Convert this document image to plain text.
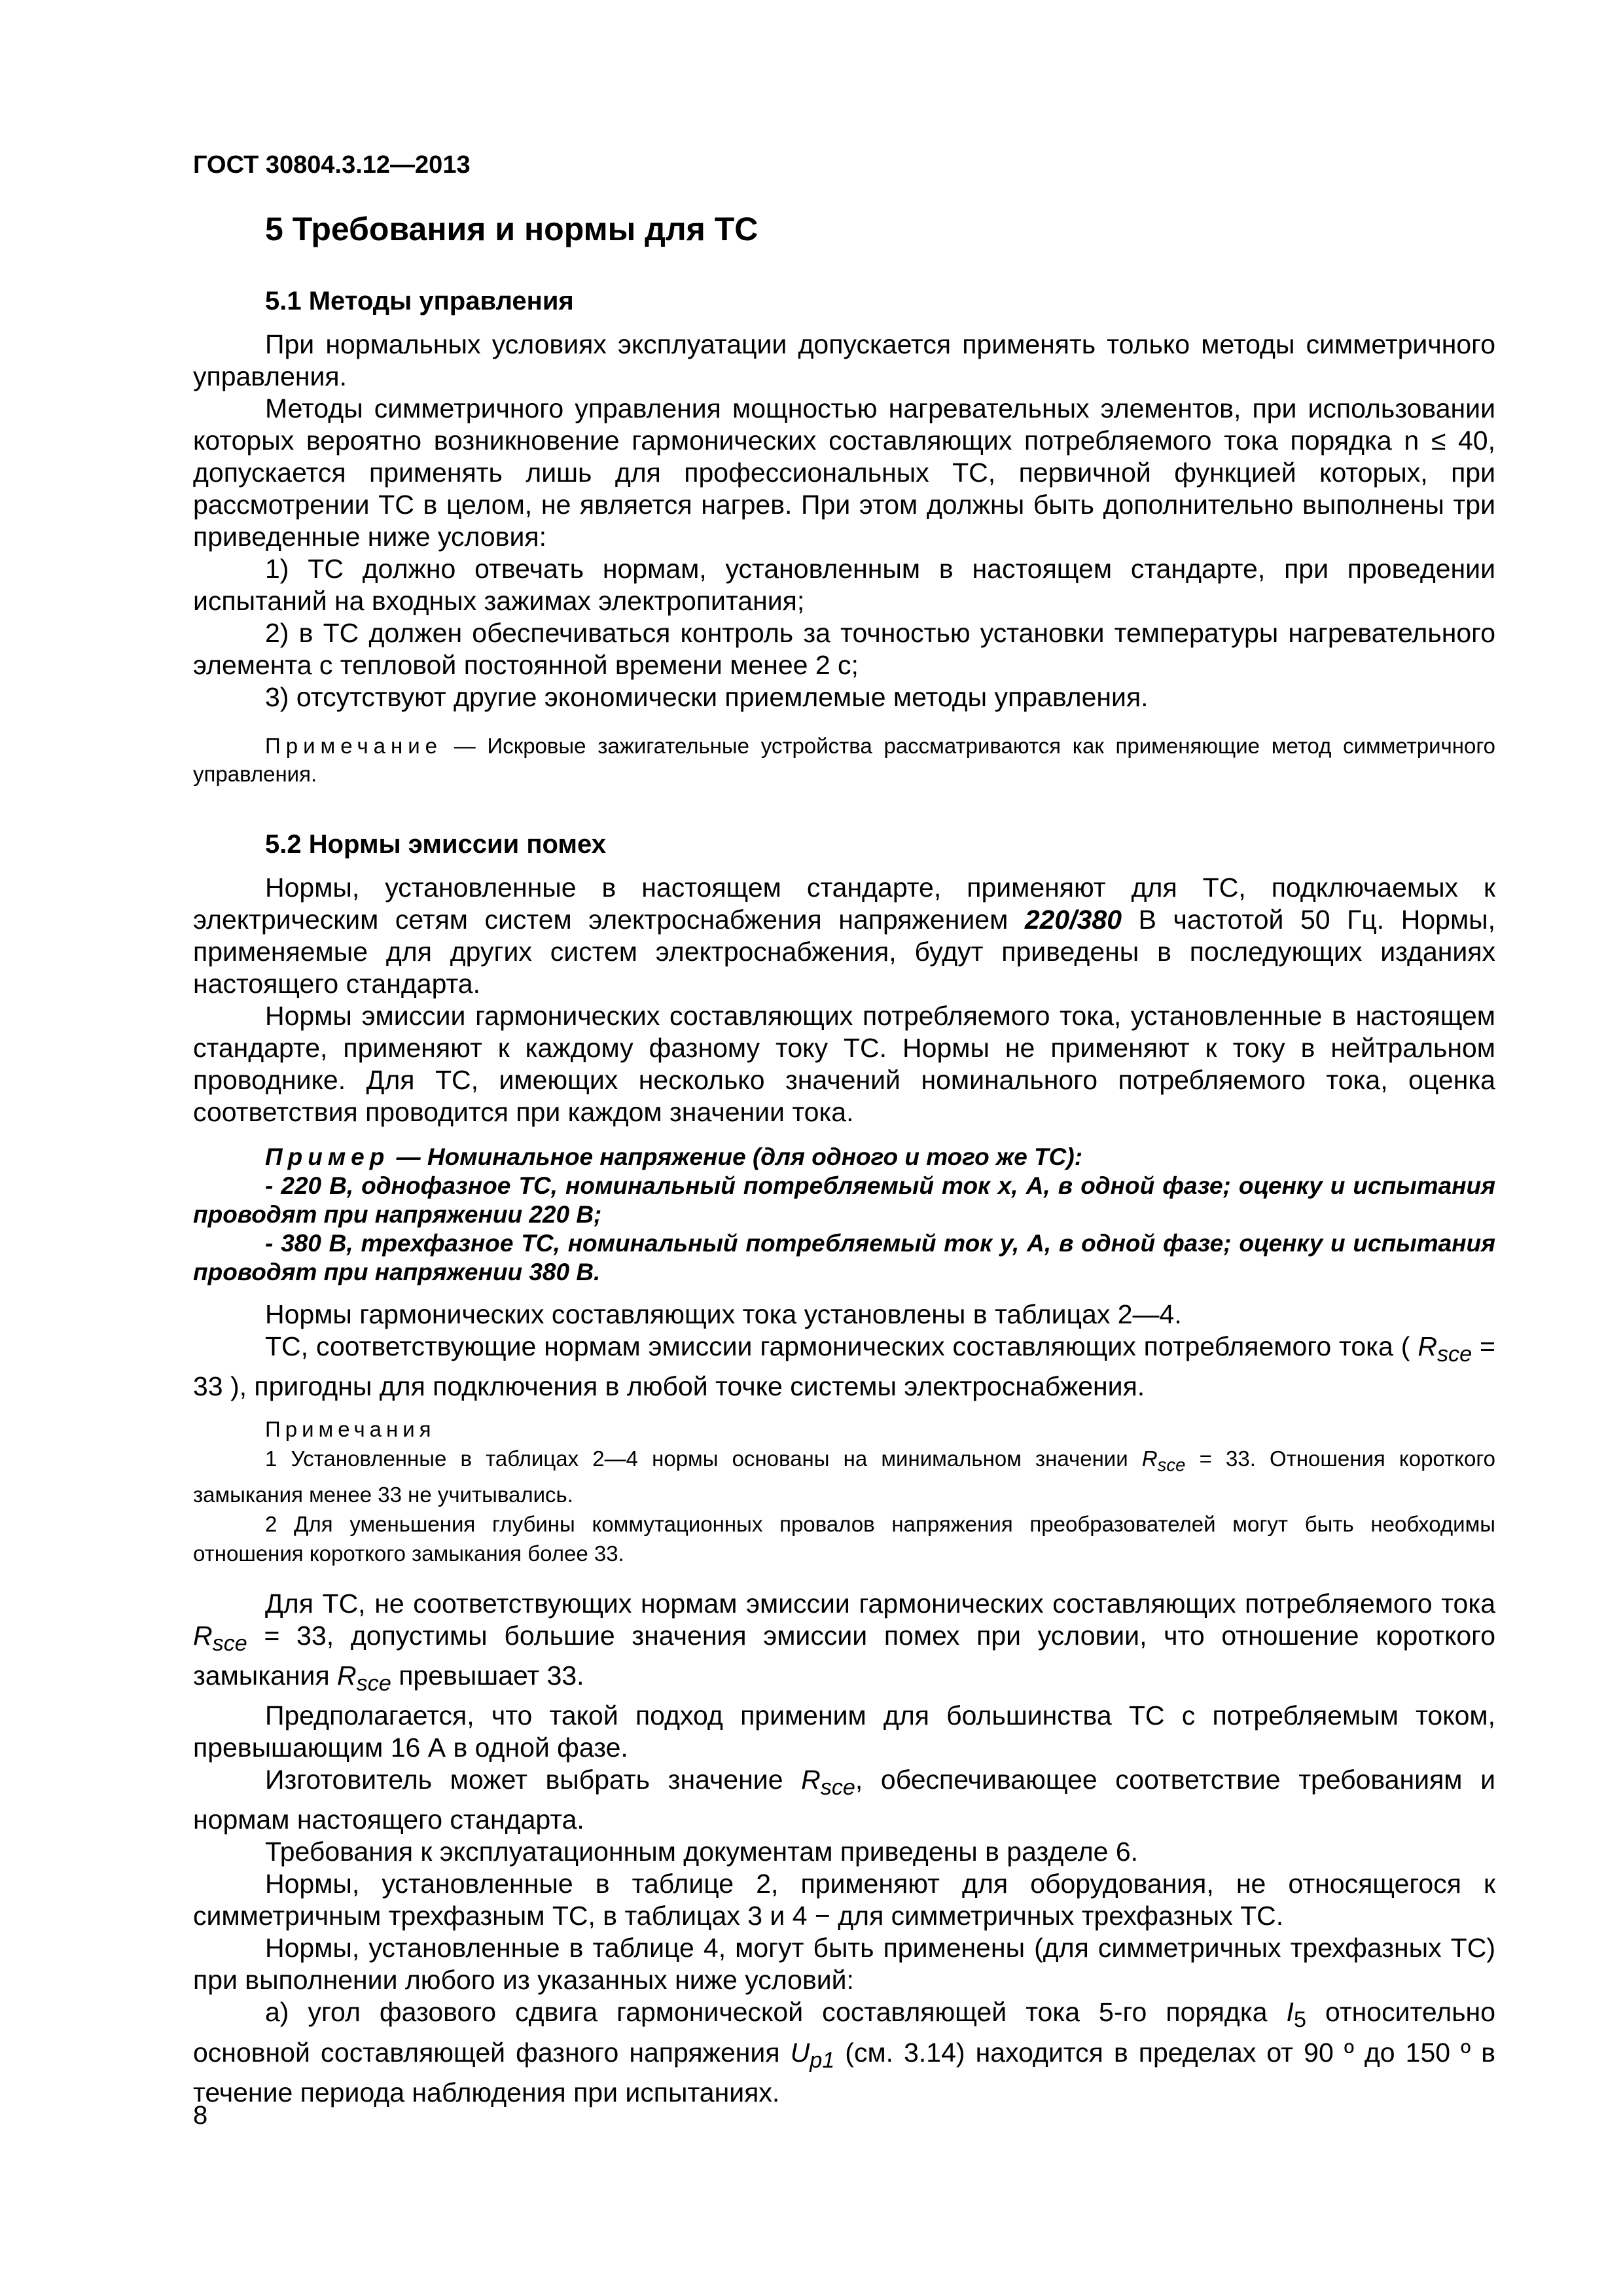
ГОСТ 30804.3.12—2013
5 Требования и нормы для ТС
5.1 Методы управления

При нормальных условиях эксплуатации допускается применять только методы симметричного управления.

Методы симметричного управления мощностью нагревательных элементов, при использовании которых вероятно возникновение гармонических составляющих потребляемого тока порядка n ≤ 40, допускается применять лишь для профессиональных ТС, первичной функцией которых, при рассмотрении ТС в целом, не является нагрев. При этом должны быть дополнительно выполнены три приведенные ниже условия:

1) ТС должно отвечать нормам, установленным в настоящем стандарте, при проведении испытаний на входных зажимах электропитания;

2) в ТС должен обеспечиваться контроль за точностью установки температуры нагревательного элемента с тепловой постоянной времени менее 2 с;

3) отсутствуют другие экономически приемлемые методы управления.

Примечание — Искровые зажигательные устройства рассматриваются как применяющие метод симметричного управления.

5.2 Нормы эмиссии помех

Нормы, установленные в настоящем стандарте, применяют для ТС, подключаемых к электрическим сетям систем электроснабжения напряжением 220/380 В частотой 50 Гц. Нормы, применяемые для других систем электроснабжения, будут приведены в последующих изданиях настоящего стандарта.

Нормы эмиссии гармонических составляющих потребляемого тока, установленные в настоящем стандарте, применяют к каждому фазному току ТС. Нормы не применяют к току в нейтральном проводнике. Для ТС, имеющих несколько значений номинального потребляемого тока, оценка соответствия проводится при каждом значении тока.

Пример — Номинальное напряжение (для одного и того же ТС):

- 220 В, однофазное ТС, номинальный потребляемый ток x, А, в одной фазе; оценку и испытания проводят при напряжении 220 В;

- 380 В, трехфазное ТС, номинальный потребляемый ток y, А, в одной фазе; оценку и испытания проводят при напряжении 380 В.

Нормы гармонических составляющих тока установлены в таблицах 2—4.

ТС, соответствующие нормам эмиссии гармонических составляющих потребляемого тока ( $R_{sce} = 33$ ), пригодны для подключения в любой точке системы электроснабжения.

Примечания

1 Установленные в таблицах 2—4 нормы основаны на минимальном значении $R_{sce} = 33$. Отношения короткого замыкания менее 33 не учитывались.

2 Для уменьшения глубины коммутационных провалов напряжения преобразователей могут быть необходимы отношения короткого замыкания более 33.

Для ТС, не соответствующих нормам эмиссии гармонических составляющих потребляемого тока $R_{sce} = 33$, допустимы большие значения эмиссии помех при условии, что отношение короткого замыкания $R_{sce}$ превышает 33.

Предполагается, что такой подход применим для большинства ТС с потребляемым током, превышающим 16 А в одной фазе.

Изготовитель может выбрать значение $R_{sce}$, обеспечивающее соответствие требованиям и нормам настоящего стандарта.

Требования к эксплуатационным документам приведены в разделе 6.

Нормы, установленные в таблице 2, применяют для оборудования, не относящегося к симметричным трехфазным ТС, в таблицах 3 и 4 − для симметричных трехфазных ТС.

Нормы, установленные в таблице 4, могут быть применены (для симметричных трехфазных ТС) при выполнении любого из указанных ниже условий:

а) угол фазового сдвига гармонической составляющей тока 5-го порядка $I_5$ относительно основной составляющей фазного напряжения $U_{p1}$ (см. 3.14) находится в пределах от 90 º до 150 º в течение периода наблюдения при испытаниях.

8
